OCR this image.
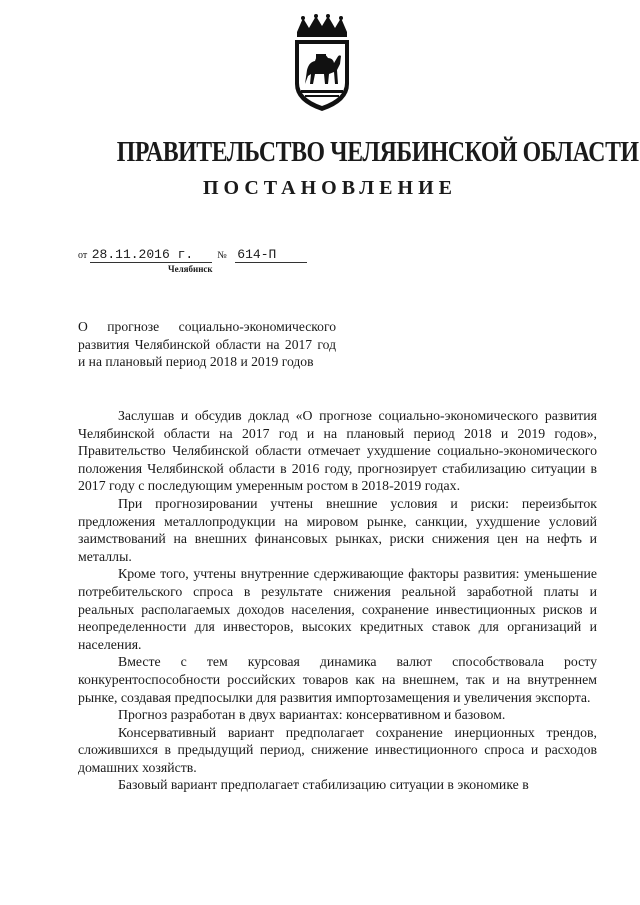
ПРАВИТЕЛЬСТВО ЧЕЛЯБИНСКОЙ ОБЛАСТИ
ПОСТАНОВЛЕНИЕ
от 28.11.2016 г. № 614-П
Челябинск
О прогнозе социально-экономического развития Челябинской области на 2017 год и на плановый период 2018 и 2019 годов

Заслушав и обсудив доклад «О прогнозе социально-экономического развития Челябинской области на 2017 год и на плановый период 2018 и 2019 годов», Правительство Челябинской области отмечает ухудшение социально-экономического положения Челябинской области в 2016 году, прогнозирует стабилизацию ситуации в 2017 году с последующим умеренным ростом в 2018-2019 годах.

При прогнозировании учтены внешние условия и риски: переизбыток предложения металлопродукции на мировом рынке, санкции, ухудшение условий заимствований на внешних финансовых рынках, риски снижения цен на нефть и металлы.

Кроме того, учтены внутренние сдерживающие факторы развития: уменьшение потребительского спроса в результате снижения реальной заработной платы и реальных располагаемых доходов населения, сохранение инвестиционных рисков и неопределенности для инвесторов, высоких кредитных ставок для организаций и населения.

Вместе с тем курсовая динамика валют способствовала росту конкурентоспособности российских товаров как на внешнем, так и на внутреннем рынке, создавая предпосылки для развития импортозамещения и увеличения экспорта.

Прогноз разработан в двух вариантах: консервативном и базовом.

Консервативный вариант предполагает сохранение инерционных трендов, сложившихся в предыдущий период, снижение инвестиционного спроса и расходов домашних хозяйств.

Базовый вариант предполагает стабилизацию ситуации в экономике в
